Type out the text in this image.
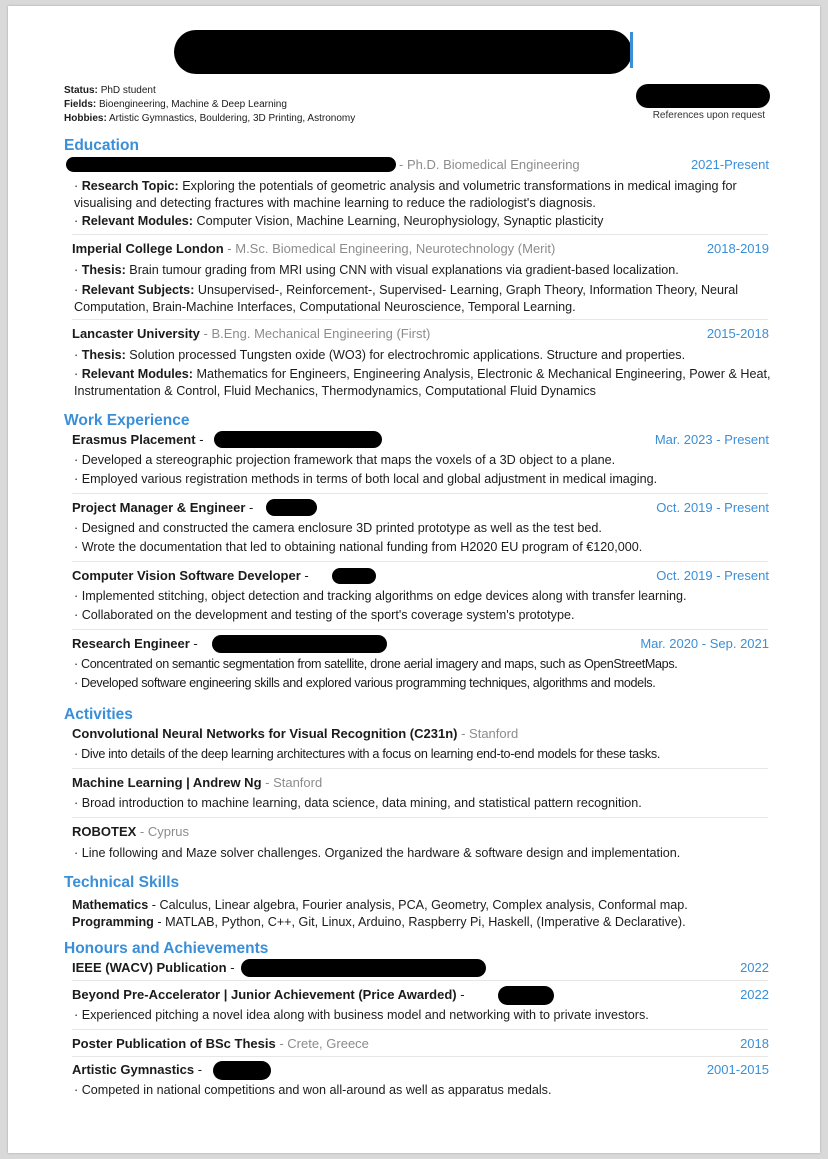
Status: PhD student
Fields: Bioengineering, Machine & Deep Learning
Hobbies: Artistic Gymnastics, Bouldering, 3D Printing, Astronomy	References upon request
Education
- Ph.D. Biomedical Engineering	2021-Present
· Research Topic: Exploring the potentials of geometric analysis and volumetric transformations in medical imaging for visualising and detecting fractures with machine learning to reduce the radiologist's diagnosis.
· Relevant Modules: Computer Vision, Machine Learning, Neurophysiology, Synaptic plasticity
Imperial College London - M.Sc. Biomedical Engineering, Neurotechnology (Merit)	2018-2019
· Thesis: Brain tumour grading from MRI using CNN with visual explanations via gradient-based localization.
· Relevant Subjects: Unsupervised-, Reinforcement-, Supervised- Learning, Graph Theory, Information Theory, Neural Computation, Brain-Machine Interfaces, Computational Neuroscience, Temporal Learning.
Lancaster University - B.Eng. Mechanical Engineering (First)	2015-2018
· Thesis: Solution processed Tungsten oxide (WO3) for electrochromic applications. Structure and properties.
· Relevant Modules: Mathematics for Engineers, Engineering Analysis, Electronic & Mechanical Engineering, Power & Heat, Instrumentation & Control, Fluid Mechanics, Thermodynamics, Computational Fluid Dynamics
Work Experience
Erasmus Placement -	Mar. 2023 - Present
· Developed a stereographic projection framework that maps the voxels of a 3D object to a plane.
· Employed various registration methods in terms of both local and global adjustment in medical imaging.
Project Manager & Engineer -	Oct. 2019 - Present
· Designed and constructed the camera enclosure 3D printed prototype as well as the test bed.
· Wrote the documentation that led to obtaining national funding from H2020 EU program of €120,000.
Computer Vision Software Developer -	Oct. 2019 - Present
· Implemented stitching, object detection and tracking algorithms on edge devices along with transfer learning.
· Collaborated on the development and testing of the sport's coverage system's prototype.
Research Engineer -	Mar. 2020 - Sep. 2021
· Concentrated on semantic segmentation from satellite, drone aerial imagery and maps, such as OpenStreetMaps.
· Developed software engineering skills and explored various programming techniques, algorithms and models.
Activities
Convolutional Neural Networks for Visual Recognition (C231n) - Stanford
· Dive into details of the deep learning architectures with a focus on learning end-to-end models for these tasks.
Machine Learning | Andrew Ng - Stanford
· Broad introduction to machine learning, data science, data mining, and statistical pattern recognition.
ROBOTEX - Cyprus
· Line following and Maze solver challenges. Organized the hardware & software design and implementation.
Technical Skills
Mathematics - Calculus, Linear algebra, Fourier analysis, PCA, Geometry, Complex analysis, Conformal map.
Programming - MATLAB, Python, C++, Git, Linux, Arduino, Raspberry Pi, Haskell, (Imperative & Declarative).
Honours and Achievements
IEEE (WACV) Publication -	2022
Beyond Pre-Accelerator | Junior Achievement (Price Awarded) -	2022
· Experienced pitching a novel idea along with business model and networking with to private investors.
Poster Publication of BSc Thesis - Crete, Greece	2018
Artistic Gymnastics -	2001-2015
· Competed in national competitions and won all-around as well as apparatus medals.
